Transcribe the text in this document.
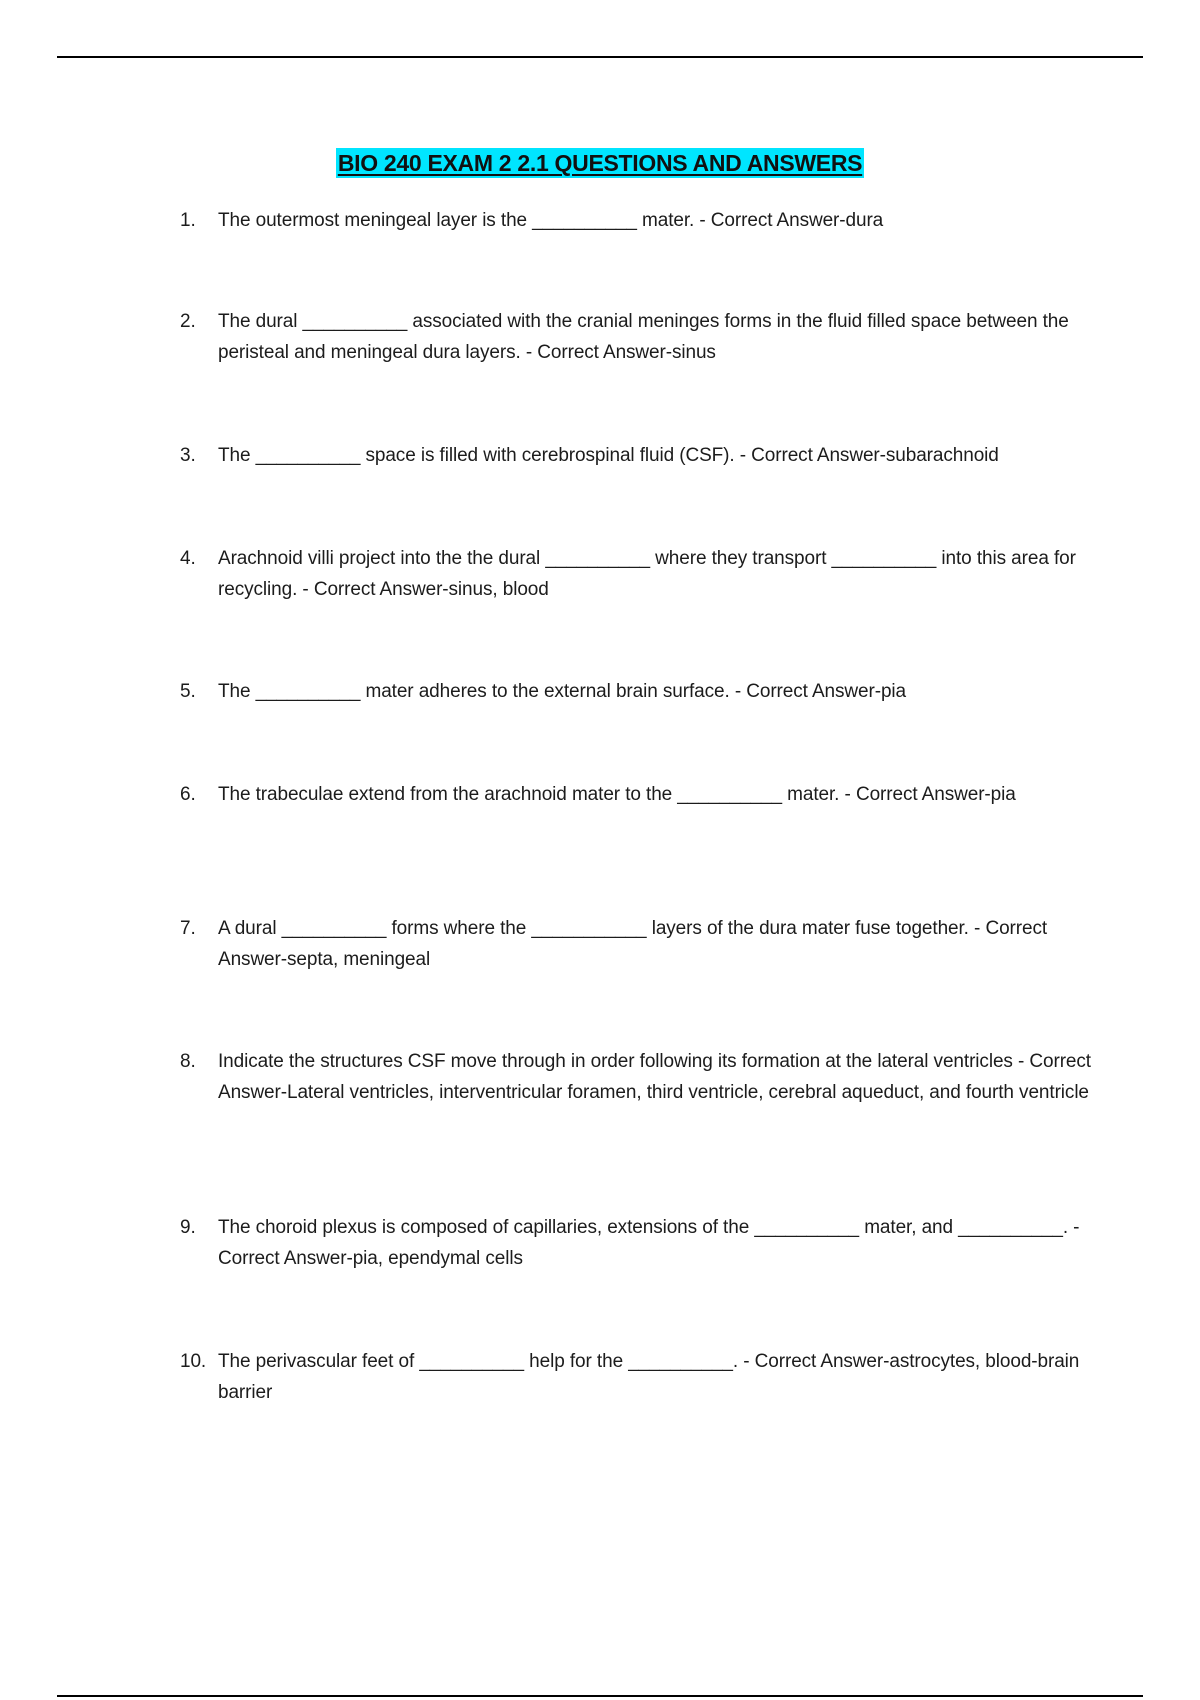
BIO 240 EXAM 2 2.1 QUESTIONS AND ANSWERS
1.	The outermost meningeal layer is the __________ mater. - Correct Answer-dura
2.	The dural __________ associated with the cranial meninges forms in the fluid filled space between the peristeal and meningeal dura layers. - Correct Answer-sinus
3.	The __________ space is filled with cerebrospinal fluid (CSF). - Correct Answer-subarachnoid
4.	Arachnoid villi project into the the dural __________ where they transport __________ into this area for recycling. - Correct Answer-sinus, blood
5.	The __________ mater adheres to the external brain surface. - Correct Answer-pia
6.	The trabeculae extend from the arachnoid mater to the __________ mater. - Correct Answer-pia
7.	A dural __________ forms where the ___________ layers of the dura mater fuse together. - Correct Answer-septa, meningeal
8.	Indicate the structures CSF move through in order following its formation at the lateral ventricles - Correct Answer-Lateral ventricles, interventricular foramen, third ventricle, cerebral aqueduct, and fourth ventricle
9.	The choroid plexus is composed of capillaries, extensions of the __________ mater, and __________. - Correct Answer-pia, ependymal cells
10. The perivascular feet of __________ help for the __________. - Correct Answer-astrocytes, blood-brain barrier
